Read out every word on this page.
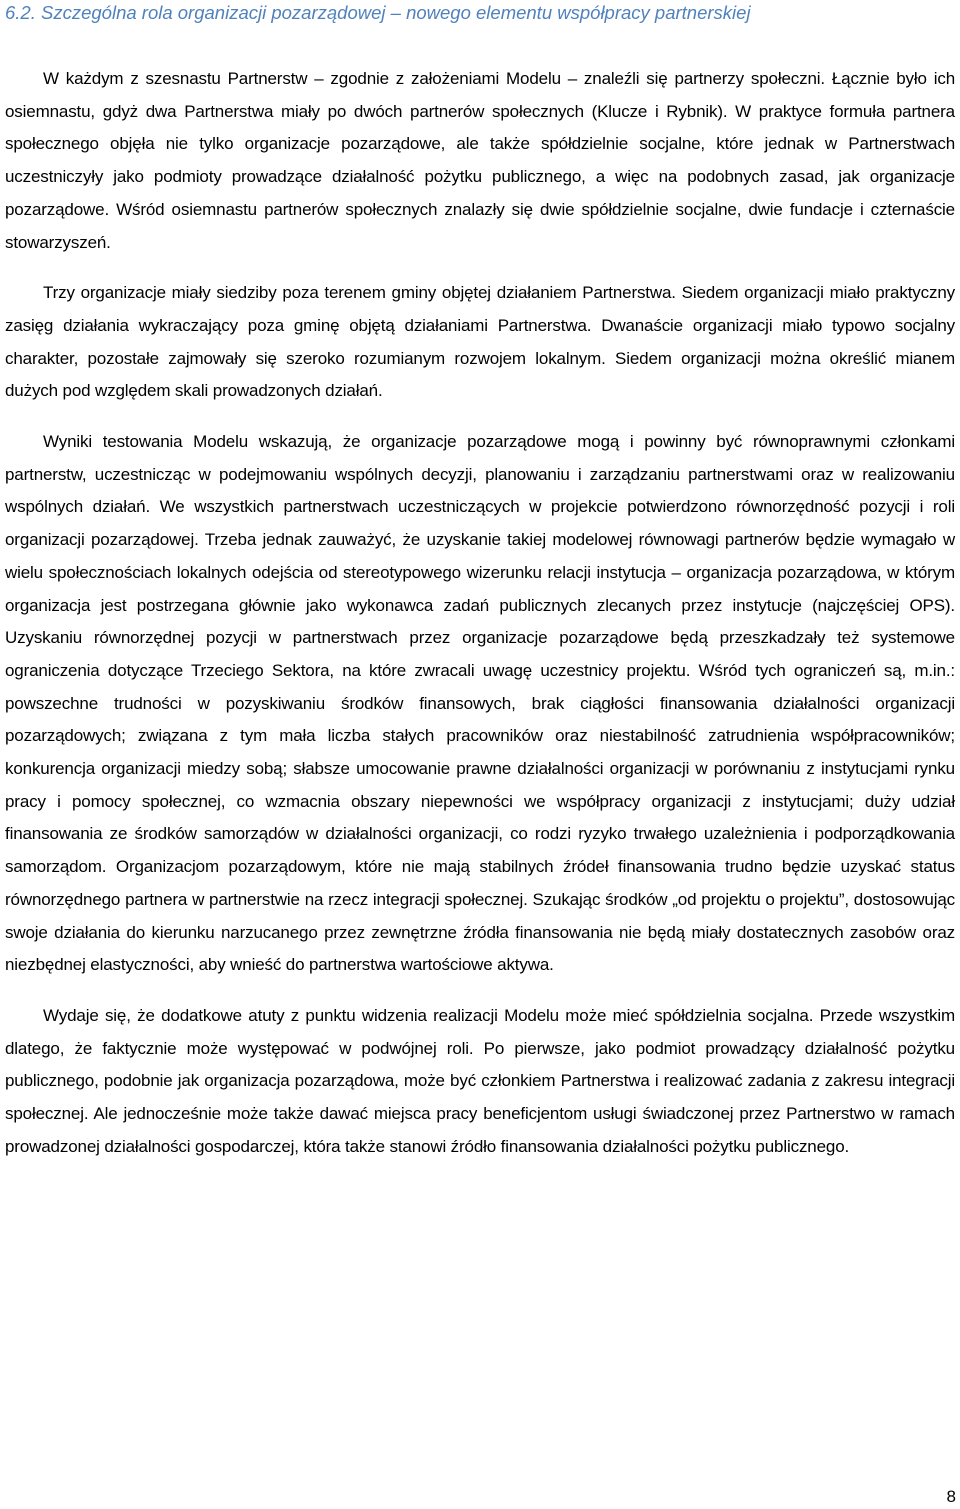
6.2. Szczególna rola organizacji pozarządowej – nowego elementu współpracy partnerskiej

W każdym z szesnastu Partnerstw – zgodnie z założeniami Modelu – znaleźli się partnerzy społeczni. Łącznie było ich osiemnastu, gdyż dwa Partnerstwa miały po dwóch partnerów społecznych (Klucze i Rybnik). W praktyce formuła partnera społecznego objęła nie tylko organizacje pozarządowe, ale także spółdzielnie socjalne, które jednak w Partnerstwach uczestniczyły jako podmioty prowadzące działalność pożytku publicznego, a więc na podobnych zasad, jak organizacje pozarządowe. Wśród osiemnastu partnerów społecznych znalazły się dwie spółdzielnie socjalne, dwie fundacje i czternaście stowarzyszeń.

Trzy organizacje miały siedziby poza terenem gminy objętej działaniem Partnerstwa. Siedem organizacji miało praktyczny zasięg działania wykraczający poza gminę objętą działaniami Partnerstwa. Dwanaście organizacji miało typowo socjalny charakter, pozostałe zajmowały się szeroko rozumianym rozwojem lokalnym. Siedem organizacji można określić mianem dużych pod względem skali prowadzonych działań.

Wyniki testowania Modelu wskazują, że organizacje pozarządowe mogą i powinny być równoprawnymi członkami partnerstw, uczestnicząc w podejmowaniu wspólnych decyzji, planowaniu i zarządzaniu partnerstwami oraz w realizowaniu wspólnych działań. We wszystkich partnerstwach uczestniczących w projekcie potwierdzono równorzędność pozycji i roli organizacji pozarządowej. Trzeba jednak zauważyć, że uzyskanie takiej modelowej równowagi partnerów będzie wymagało w wielu społecznościach lokalnych odejścia od stereotypowego wizerunku relacji instytucja – organizacja pozarządowa, w którym organizacja jest postrzegana głównie jako wykonawca zadań publicznych zlecanych przez instytucje (najczęściej OPS). Uzyskaniu równorzędnej pozycji w partnerstwach przez organizacje pozarządowe będą przeszkadzały też systemowe ograniczenia dotyczące Trzeciego Sektora, na które zwracali uwagę uczestnicy projektu. Wśród tych ograniczeń są, m.in.: powszechne trudności w pozyskiwaniu środków finansowych, brak ciągłości finansowania działalności organizacji pozarządowych; związana z tym mała liczba stałych pracowników oraz niestabilność zatrudnienia współpracowników; konkurencja organizacji miedzy sobą; słabsze umocowanie prawne działalności organizacji w porównaniu z instytucjami rynku pracy i pomocy społecznej, co wzmacnia obszary niepewności we współpracy organizacji z instytucjami; duży udział finansowania ze środków samorządów w działalności organizacji, co rodzi ryzyko trwałego uzależnienia i podporządkowania samorządom. Organizacjom pozarządowym, które nie mają stabilnych źródeł finansowania trudno będzie uzyskać status równorzędnego partnera w partnerstwie na rzecz integracji społecznej. Szukając środków „od projektu o projektu”, dostosowując swoje działania do kierunku narzucanego przez zewnętrzne źródła finansowania nie będą miały dostatecznych zasobów oraz niezbędnej elastyczności, aby wnieść do partnerstwa wartościowe aktywa.

Wydaje się, że dodatkowe atuty z punktu widzenia realizacji Modelu może mieć spółdzielnia socjalna. Przede wszystkim dlatego, że faktycznie może występować w podwójnej roli. Po pierwsze, jako podmiot prowadzący działalność pożytku publicznego, podobnie jak organizacja pozarządowa, może być członkiem Partnerstwa i realizować zadania z zakresu integracji społecznej. Ale jednocześnie może także dawać miejsca pracy beneficjentom usługi świadczonej przez Partnerstwo w ramach prowadzonej działalności gospodarczej, która także stanowi źródło finansowania działalności pożytku publicznego.

8
